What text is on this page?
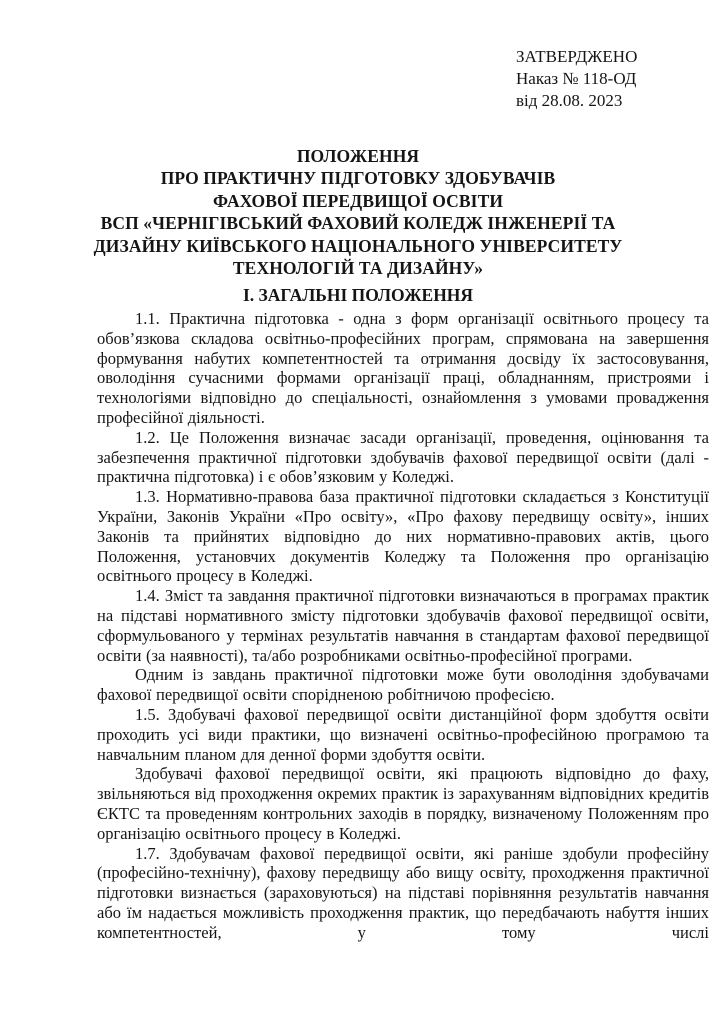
ЗАТВЕРДЖЕНО
Наказ № 118-ОД
від 28.08. 2023
ПОЛОЖЕННЯ
ПРО ПРАКТИЧНУ ПІДГОТОВКУ ЗДОБУВАЧІВ
ФАХОВОЇ ПЕРЕДВИЩОЇ ОСВІТИ
ВСП «ЧЕРНІГІВСЬКИЙ ФАХОВИЙ КОЛЕДЖ ІНЖЕНЕРІЇ ТА
ДИЗАЙНУ КИЇВСЬКОГО НАЦІОНАЛЬНОГО УНІВЕРСИТЕТУ
ТЕХНОЛОГІЙ ТА ДИЗАЙНУ»
І. ЗАГАЛЬНІ ПОЛОЖЕННЯ

1.1. Практична підготовка - одна з форм організації освітнього процесу та обов’язкова складова освітньо-професійних програм, спрямована на завершення формування набутих компетентностей та отримання досвіду їх застосовування, оволодіння сучасними формами організації праці, обладнанням, пристроями і технологіями відповідно до спеціальності, ознайомлення з умовами провадження професійної діяльності.

1.2. Це Положення визначає засади організації, проведення, оцінювання та забезпечення практичної підготовки здобувачів фахової передвищої освіти (далі - практична підготовка) і є обов’язковим у Коледжі.

1.3. Нормативно-правова база практичної підготовки складається з Конституції України, Законів України «Про освіту», «Про фахову передвищу освіту», інших Законів та прийнятих відповідно до них нормативно-правових актів, цього Положення, установчих документів Коледжу та Положення про організацію освітнього процесу в Коледжі.

1.4. Зміст та завдання практичної підготовки визначаються в програмах практик на підставі нормативного змісту підготовки здобувачів фахової передвищої освіти, сформульованого у термінах результатів навчання в стандартам фахової передвищої освіти (за наявності), та/або розробниками освітньо-професійної програми.

Одним із завдань практичної підготовки може бути оволодіння здобувачами фахової передвищої освіти спорідненою робітничою професією.

1.5. Здобувачі фахової передвищої освіти дистанційної форм здобуття освіти проходить усі види практики, що визначені освітньо-професійною програмою та навчальним планом для денної форми здобуття освіти.

Здобувачі фахової передвищої освіти, які працюють відповідно до фаху, звільняються від проходження окремих практик із зарахуванням відповідних кредитів ЄКТС та проведенням контрольних заходів в порядку, визначеному Положенням про організацію освітнього процесу в Коледжі.

1.7. Здобувачам фахової передвищої освіти, які раніше здобули професійну (професійно-технічну), фахову передвищу або вищу освіту, проходження практичної підготовки визнається (зараховуються) на підставі порівняння результатів навчання або їм надається можливість проходження практик, що передбачають набуття інших компетентностей, у тому числі
